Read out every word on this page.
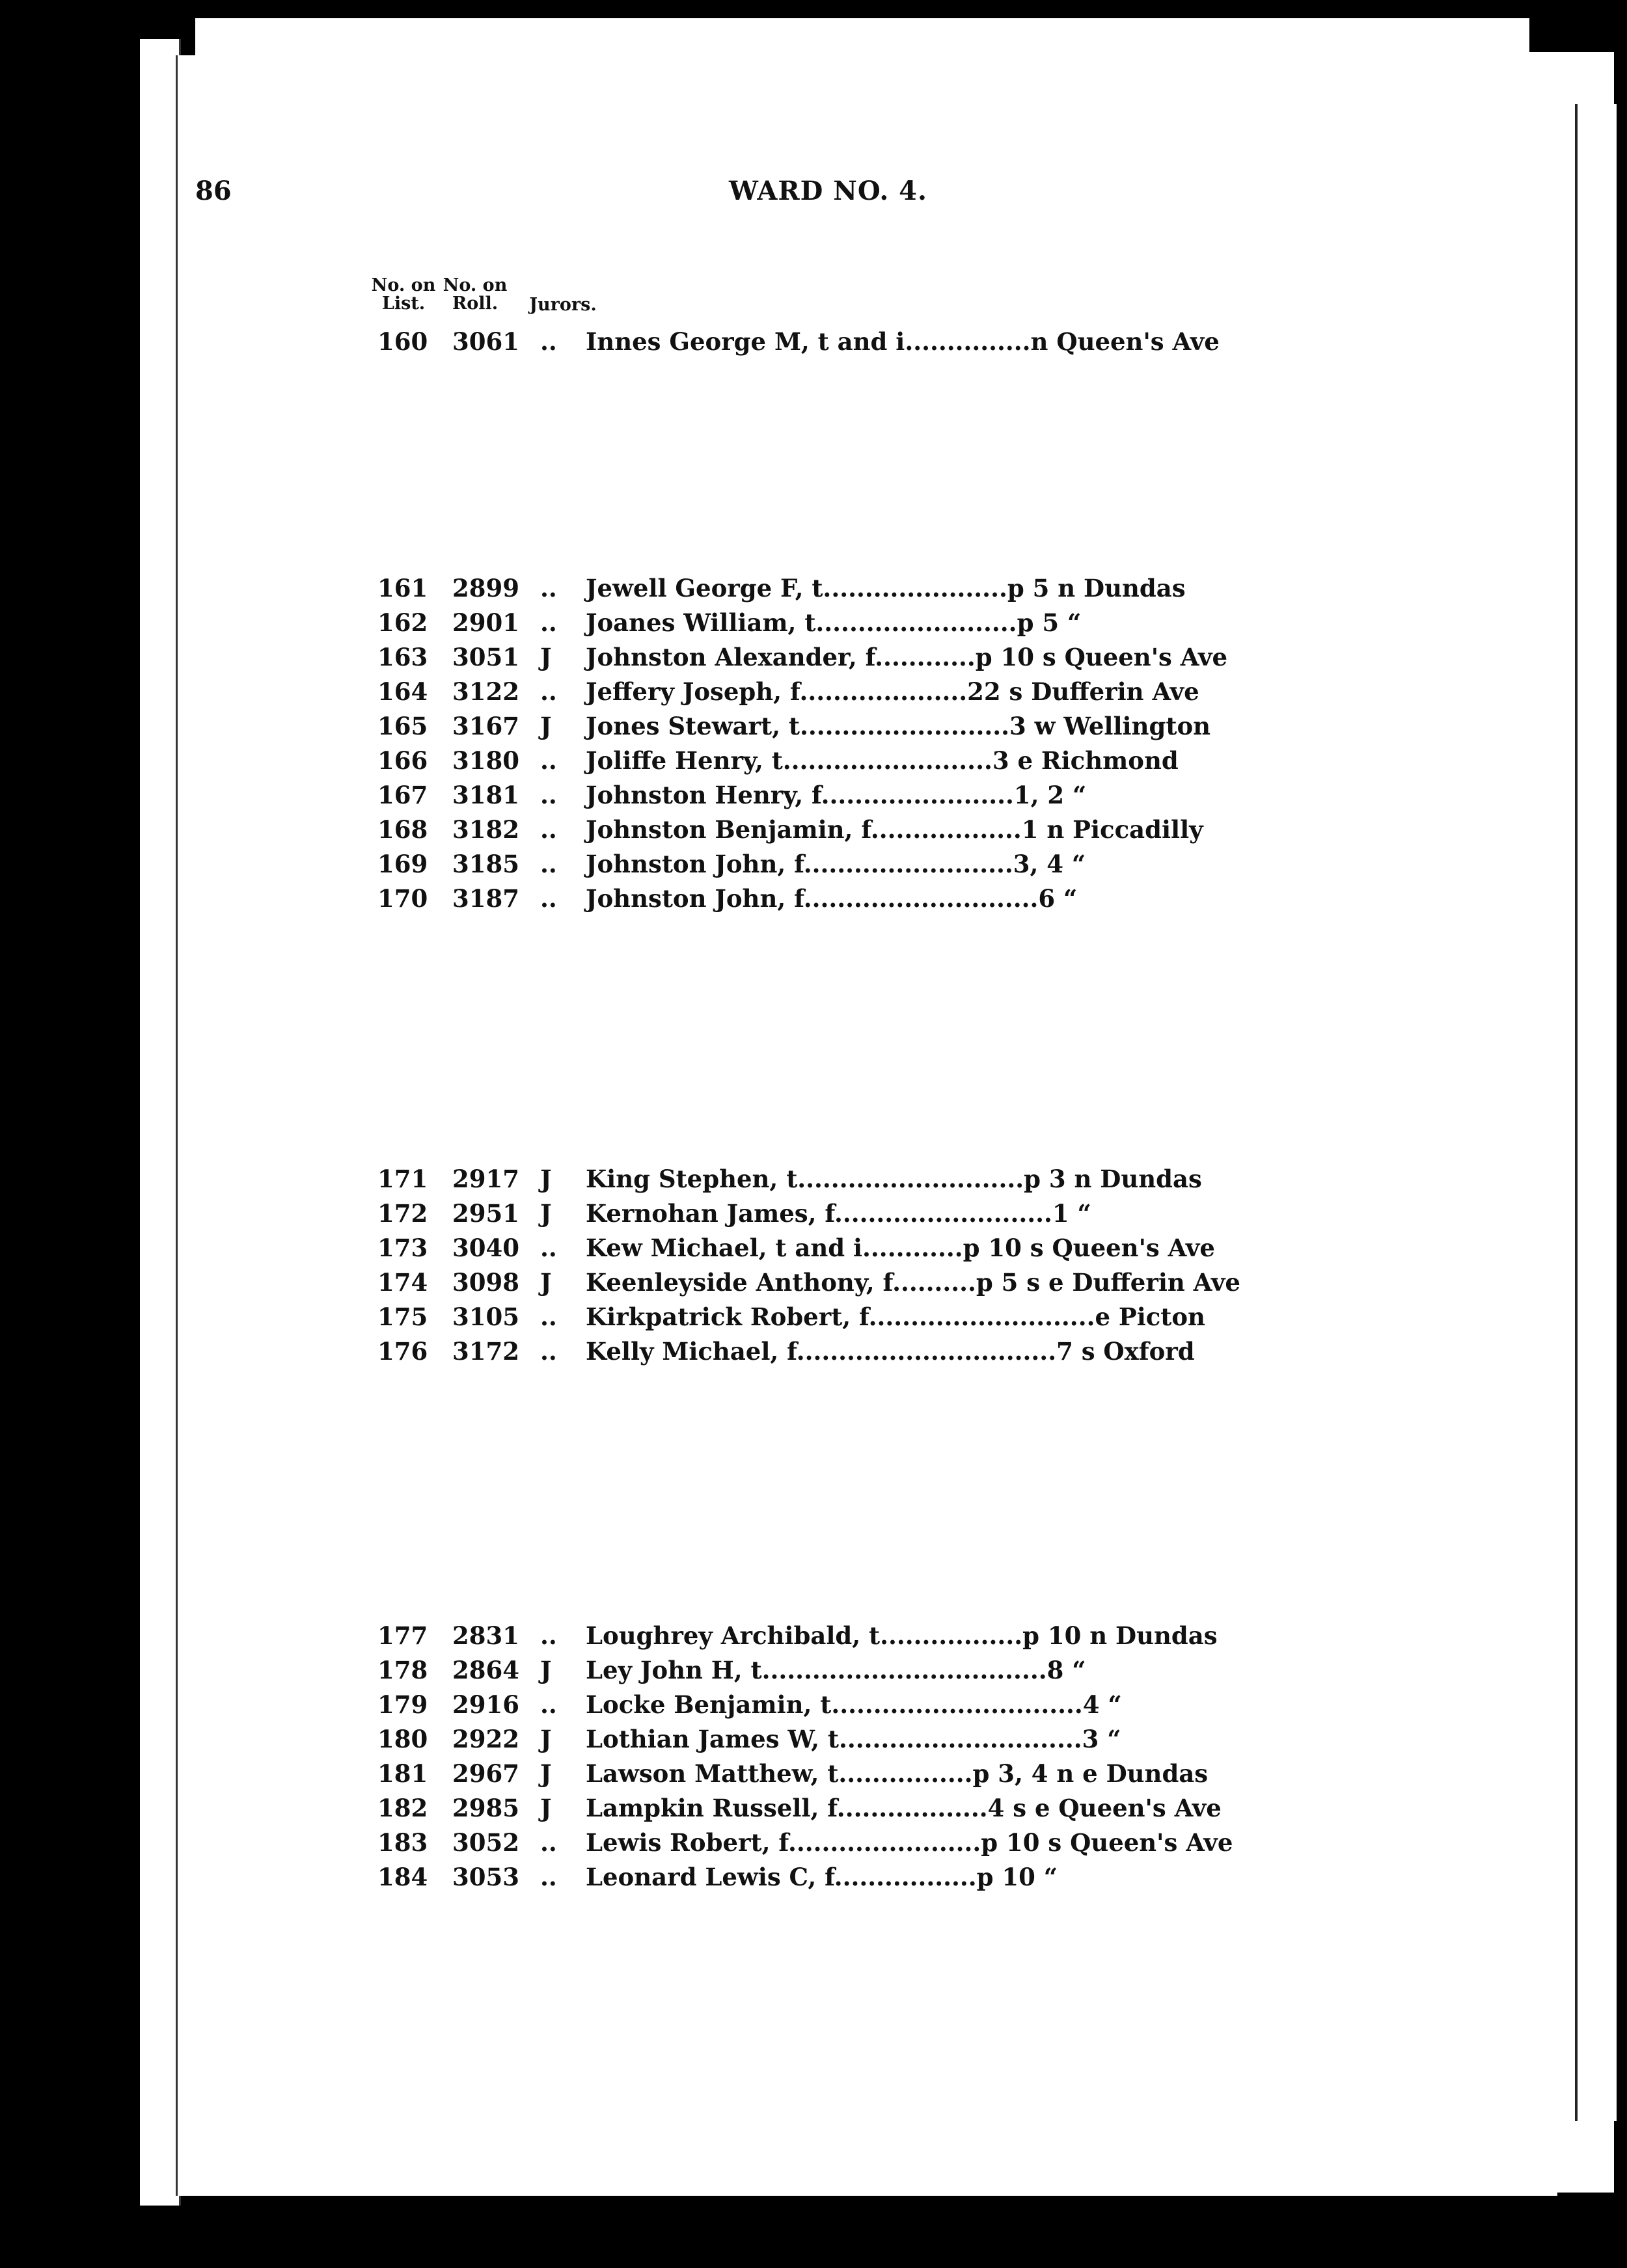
86	WARD NO. 4.
No. on
List.
No. on
Roll.	Jurors.
160	3061 ..	Innes George M, t and i...............n Queen's Ave
161	2899 ..	Jewell George F, t......................p 5 n Dundas
162	2901 ..	Joanes William, t........................p 5 “
163	3051 J	Johnston Alexander, f............p 10 s Queen's Ave
164	3122 ..	Jeffery Joseph, f....................22 s Dufferin Ave
165	3167 J	Jones Stewart, t.........................3 w Wellington
166	3180 ..	Joliffe Henry, t.........................3 e Richmond
167	3181 ..	Johnston Henry, f.......................1, 2 “
168	3182 ..	Johnston Benjamin, f..................1 n Piccadilly
169	3185 ..	Johnston John, f.........................3, 4 “
170	3187 ..	Johnston John, f............................6 “
171	2917 J	King Stephen, t...........................p 3 n Dundas
172	2951 J	Kernohan James, f..........................1 “
173	3040 ..	Kew Michael, t and i............p 10 s Queen's Ave
174	3098 J	Keenleyside Anthony, f..........p 5 s e Dufferin Ave
175	3105 ..	Kirkpatrick Robert, f...........................e Picton
176	3172 ..	Kelly Michael, f...............................7 s Oxford
177	2831 ..	Loughrey Archibald, t.................p 10 n Dundas
178	2864 J	Ley John H, t..................................8 “
179	2916 ..	Locke Benjamin, t..............................4 “
180	2922 J	Lothian James W, t.............................3 “
181	2967 J	Lawson Matthew, t................p 3, 4 n e Dundas
182	2985 J	Lampkin Russell, f..................4 s e Queen's Ave
183	3052 ..	Lewis Robert, f.......................p 10 s Queen's Ave
184	3053 ..	Leonard Lewis C, f.................p 10 “
